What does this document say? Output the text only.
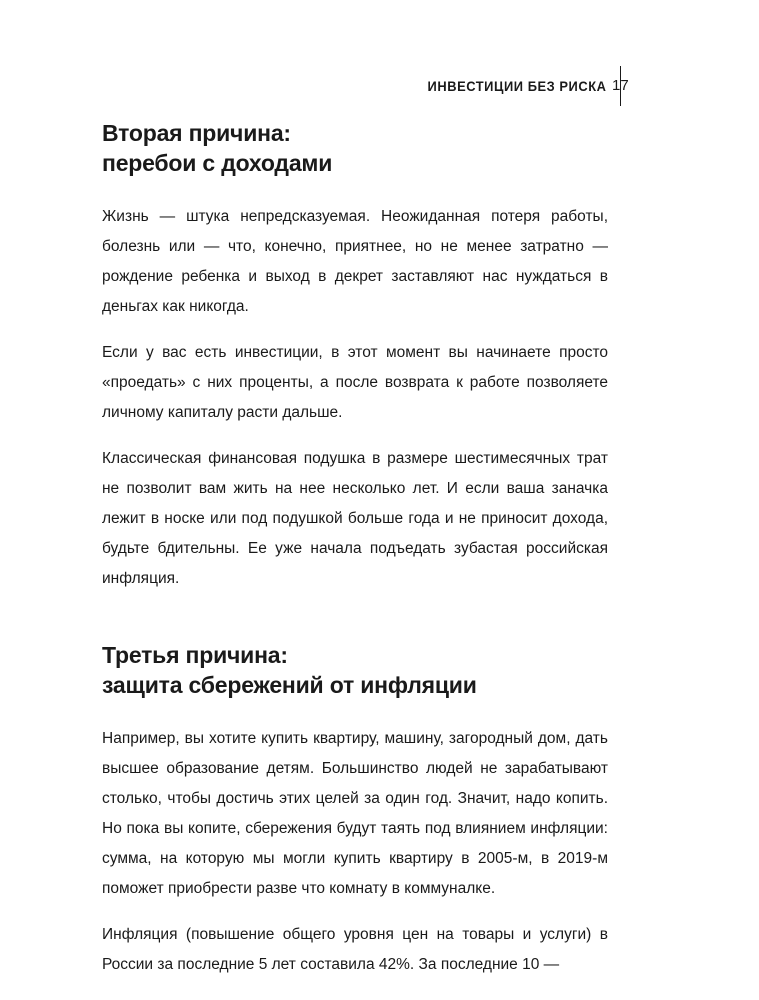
ИНВЕСТИЦИИ БЕЗ РИСКА 17
Вторая причина:
перебои с доходами

Жизнь — штука непредсказуемая. Неожиданная потеря работы, болезнь или — что, конечно, приятнее, но не менее затратно — рождение ребенка и выход в декрет заставляют нас нуждаться в деньгах как никогда.

Если у вас есть инвестиции, в этот момент вы начинаете просто «проедать» с них проценты, а после возврата к работе позволяете личному капиталу расти дальше.

Классическая финансовая подушка в размере шестимесячных трат не позволит вам жить на нее несколько лет. И если ваша заначка лежит в носке или под подушкой больше года и не приносит дохода, будьте бдительны. Ее уже начала подъедать зубастая российская инфляция.

Третья причина:
защита сбережений от инфляции

Например, вы хотите купить квартиру, машину, загородный дом, дать высшее образование детям. Большинство людей не зарабатывают столько, чтобы достичь этих целей за один год. Значит, надо копить. Но пока вы копите, сбережения будут таять под влиянием инфляции: сумма, на которую мы могли купить квартиру в 2005-м, в 2019-м поможет приобрести разве что комнату в коммуналке.

Инфляция (повышение общего уровня цен на товары и услуги) в России за последние 5 лет составила 42%. За последние 10 —
